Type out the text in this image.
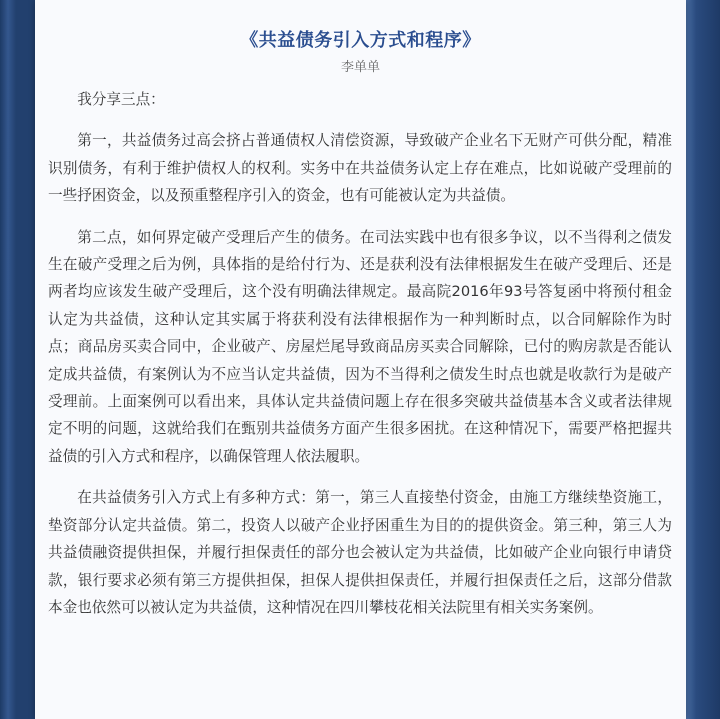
《共益债务引入方式和程序》
李单单

我分享三点：

第一，共益债务过高会挤占普通债权人清偿资源，导致破产企业名下无财产可供分配，精准识别债务，有利于维护债权人的权利。实务中在共益债务认定上存在难点，比如说破产受理前的一些抒困资金，以及预重整程序引入的资金，也有可能被认定为共益债。

第二点，如何界定破产受理后产生的债务。在司法实践中也有很多争议，以不当得利之债发生在破产受理之后为例，具体指的是给付行为、还是获利没有法律根据发生在破产受理后、还是两者均应该发生破产受理后，这个没有明确法律规定。最高院2016年93号答复函中将预付租金认定为共益债，这种认定其实属于将获利没有法律根据作为一种判断时点，以合同解除作为时点；商品房买卖合同中，企业破产、房屋烂尾导致商品房买卖合同解除，已付的购房款是否能认定成共益债，有案例认为不应当认定共益债，因为不当得利之债发生时点也就是收款行为是破产受理前。上面案例可以看出来，具体认定共益债问题上存在很多突破共益债基本含义或者法律规定不明的问题，这就给我们在甄别共益债务方面产生很多困扰。在这种情况下，需要严格把握共益债的引入方式和程序，以确保管理人依法履职。

在共益债务引入方式上有多种方式：第一，第三人直接垫付资金，由施工方继续垫资施工，垫资部分认定共益债。第二，投资人以破产企业抒困重生为目的的提供资金。第三种，第三人为共益债融资提供担保，并履行担保责任的部分也会被认定为共益债，比如破产企业向银行申请贷款，银行要求必须有第三方提供担保，担保人提供担保责任，并履行担保责任之后，这部分借款本金也依然可以被认定为共益债，这种情况在四川攀枝花相关法院里有相关实务案例。
